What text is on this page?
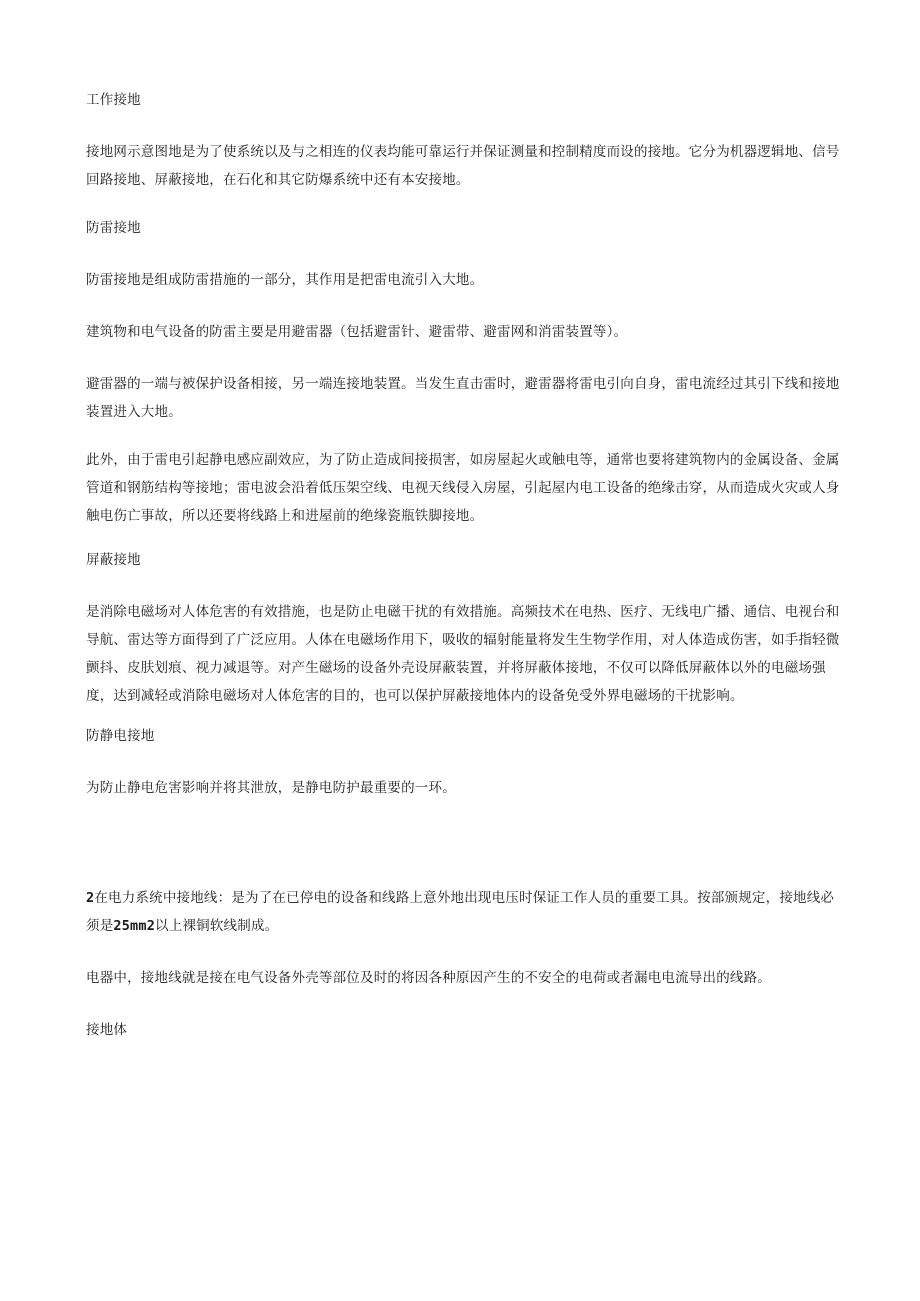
工作接地

接地网示意图地是为了使系统以及与之相连的仪表均能可靠运行并保证测量和控制精度而设的接地。它分为机器逻辑地、信号回路接地、屏蔽接地，在石化和其它防爆系统中还有本安接地。

防雷接地

防雷接地是组成防雷措施的一部分，其作用是把雷电流引入大地。

建筑物和电气设备的防雷主要是用避雷器（包括避雷针、避雷带、避雷网和消雷装置等）。

避雷器的一端与被保护设备相接，另一端连接地装置。当发生直击雷时，避雷器将雷电引向自身，雷电流经过其引下线和接地装置进入大地。

此外，由于雷电引起静电感应副效应，为了防止造成间接损害，如房屋起火或触电等，通常也要将建筑物内的金属设备、金属管道和钢筋结构等接地；雷电波会沿着低压架空线、电视天线侵入房屋，引起屋内电工设备的绝缘击穿，从而造成火灾或人身触电伤亡事故，所以还要将线路上和进屋前的绝缘瓷瓶铁脚接地。

屏蔽接地

是消除电磁场对人体危害的有效措施，也是防止电磁干扰的有效措施。高频技术在电热、医疗、无线电广播、通信、电视台和导航、雷达等方面得到了广泛应用。人体在电磁场作用下，吸收的辐射能量将发生生物学作用，对人体造成伤害，如手指轻微颤抖、皮肤划痕、视力减退等。对产生磁场的设备外壳设屏蔽装置，并将屏蔽体接地，不仅可以降低屏蔽体以外的电磁场强度，达到减轻或消除电磁场对人体危害的目的，也可以保护屏蔽接地体内的设备免受外界电磁场的干扰影响。

防静电接地

为防止静电危害影响并将其泄放，是静电防护最重要的一环。

2在电力系统中接地线：是为了在已停电的设备和线路上意外地出现电压时保证工作人员的重要工具。按部颁规定，接地线必须是25mm2以上裸铜软线制成。

电器中，接地线就是接在电气设备外壳等部位及时的将因各种原因产生的不安全的电荷或者漏电电流导出的线路。

接地体
